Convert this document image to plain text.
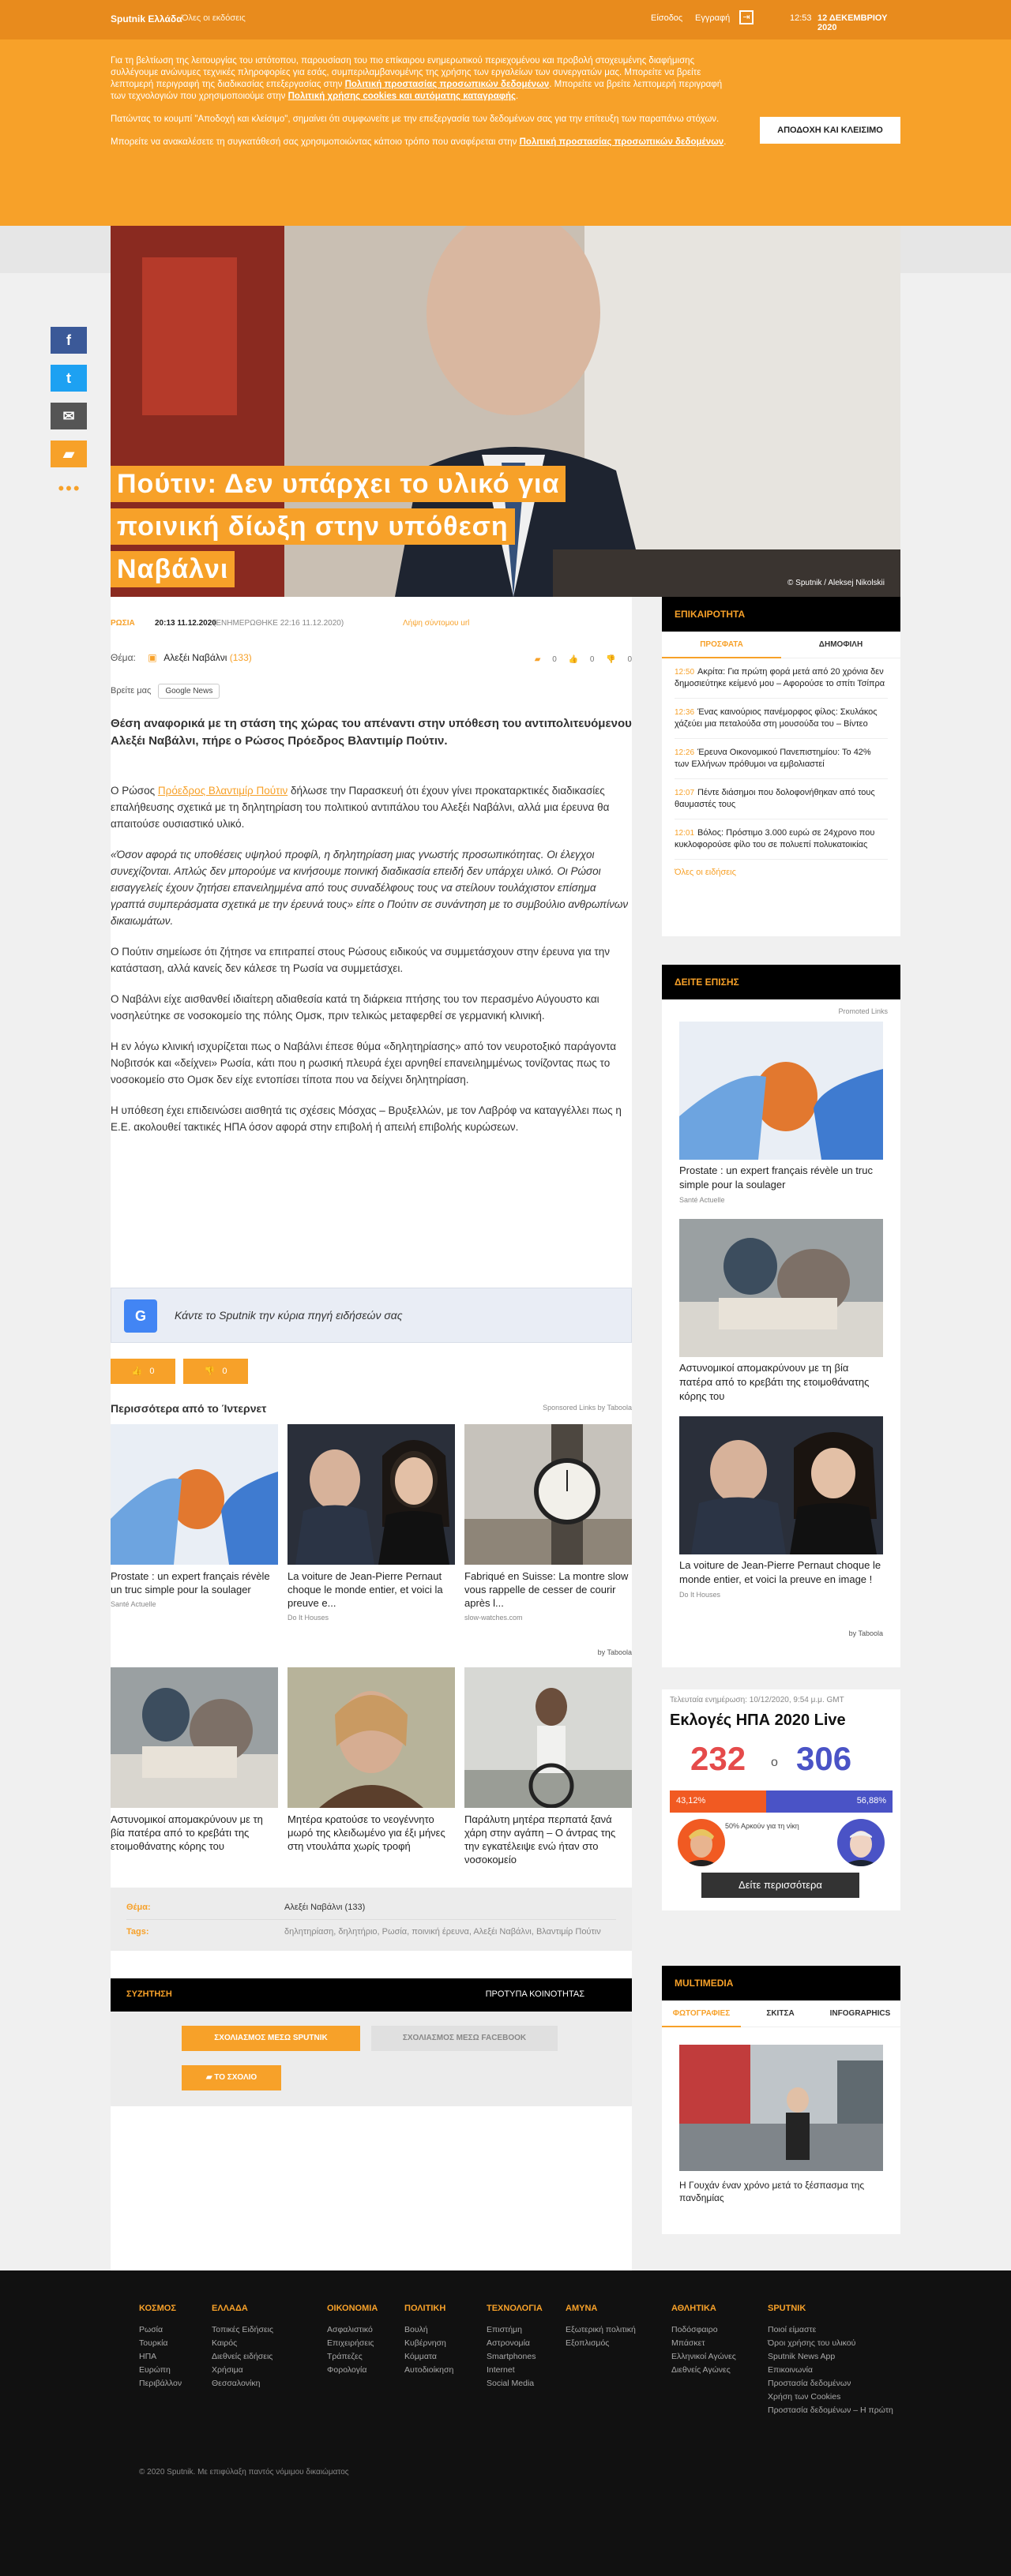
Sputnik Ελλάδα Όλες οι εκδόσεις	Είσοδος Εγγραφή	⇥	12:53 12 ΔΕΚΕΜΒΡΙΟΥ 2020

Για τη βελτίωση της λειτουργίας του ιστότοπου, παρουσίαση του πιο επίκαιρου ενημερωτικού περιεχομένου και προβολή στοχευμένης διαφήμισης συλλέγουμε ανώνυμες τεχνικές πληροφορίες για εσάς, συμπεριλαμβανομένης της χρήσης των εργαλείων των συνεργατών μας. Μπορείτε να βρείτε λεπτομερή περιγραφή της διαδικασίας επεξεργασίας στην Πολιτική προστασίας προσωπικών δεδομένων. Μπορείτε να βρείτε λεπτομερή περιγραφή των τεχνολογιών που χρησιμοποιούμε στην Πολιτική χρήσης cookies και αυτόματης καταγραφής.

Πατώντας το κουμπί "Αποδοχή και κλείσιμο", σημαίνει ότι συμφωνείτε με την επεξεργασία των δεδομένων σας για την επίτευξη των παραπάνω στόχων.

Μπορείτε να ανακαλέσετε τη συγκατάθεσή σας χρησιμοποιώντας κάποιο τρόπο που αναφέρεται στην Πολιτική προστασίας προσωπικών δεδομένων.

ΑΠΟΔΟΧΗ ΚΑΙ ΚΛΕΙΣΙΜΟ
Πούτιν: Δεν υπάρχει το υλικό για ποινική δίωξη στην υπόθεση Ναβάλνι	© Sputnik / Aleksej Nikolskii
f
t
✉
▰
•••
ΡΩΣΙΑ	20:13 11.12.2020
(ΕΝΗΜΕΡΩΘΗΚΕ 22:16 11.12.2020)	Λήψη σύντομου url
Θέμα: ▣ Αλεξέι Ναβάλνι (133)	▰ 0 👍 0 👎 0
Βρείτε μας Google News
Θέση αναφορικά με τη στάση της χώρας του απέναντι στην υπόθεση του αντιπολιτευόμενου Αλεξέι Ναβάλνι, πήρε ο Ρώσος Πρόεδρος Βλαντιμίρ Πούτιν.

Ο Ρώσος Πρόεδρος Βλαντιμίρ Πούτιν δήλωσε την Παρασκευή ότι έχουν γίνει προκαταρκτικές διαδικασίες επαλήθευσης σχετικά με τη δηλητηρίαση του πολιτικού αντιπάλου του Αλεξέι Ναβάλνι, αλλά μια έρευνα θα απαιτούσε ουσιαστικό υλικό.

«Όσον αφορά τις υποθέσεις υψηλού προφίλ, η δηλητηρίαση μιας γνωστής προσωπικότητας. Οι έλεγχοι συνεχίζονται. Απλώς δεν μπορούμε να κινήσουμε ποινική διαδικασία επειδή δεν υπάρχει υλικό. Οι Ρώσοι εισαγγελείς έχουν ζητήσει επανειλημμένα από τους συναδέλφους τους να στείλουν τουλάχιστον επίσημα γραπτά συμπεράσματα σχετικά με την έρευνά τους» είπε ο Πούτιν σε συνάντηση με το συμβούλιο ανθρωπίνων δικαιωμάτων.

Ο Πούτιν σημείωσε ότι ζήτησε να επιτραπεί στους Ρώσους ειδικούς να συμμετάσχουν στην έρευνα για την κατάσταση, αλλά κανείς δεν κάλεσε τη Ρωσία να συμμετάσχει.

Ο Ναβάλνι είχε αισθανθεί ιδιαίτερη αδιαθεσία κατά τη διάρκεια πτήσης του τον περασμένο Αύγουστο και νοσηλεύτηκε σε νοσοκομείο της πόλης Ομσκ, πριν τελικώς μεταφερθεί σε γερμανική κλινική.

Η εν λόγω κλινική ισχυρίζεται πως ο Ναβάλνι έπεσε θύμα «δηλητηρίασης» από τον νευροτοξικό παράγοντα Νοβιτσόκ και «δείχνει» Ρωσία, κάτι που η ρωσική πλευρά έχει αρνηθεί επανειλημμένως τονίζοντας πως το νοσοκομείο στο Ομσκ δεν είχε εντοπίσει τίποτα που να δείχνει δηλητηρίαση.

Η υπόθεση έχει επιδεινώσει αισθητά τις σχέσεις Μόσχας – Βρυξελλών, με τον Λαβρόφ να καταγγέλλει πως η Ε.Ε. ακολουθεί τακτικές ΗΠΑ όσον αφορά στην επιβολή ή απειλή επιβολής κυρώσεων.

G	Κάντε το Sputnik την κύρια πηγή ειδήσεών σας
👍   0	👎   0
Περισσότερα από το Ίντερνετ	Sponsored Links by Taboola
Prostate : un expert français révèle un truc simple pour la soulager
Santé Actuelle
La voiture de Jean-Pierre Pernaut choque le monde entier, et voici la preuve e...
Do It Houses
Fabriqué en Suisse: La montre slow vous rappelle de cesser de courir après l...
slow-watches.com
by Taboola
Αστυνομικοί απομακρύνουν με τη βία πατέρα από το κρεβάτι της ετοιμοθάνατης κόρης του
Μητέρα κρατούσε το νεογέννητο μωρό της κλειδωμένο για έξι μήνες στη ντουλάπα χωρίς τροφή
Παράλυτη μητέρα περπατά ξανά χάρη στην αγάπη – Ο άντρας της την εγκατέλειψε ενώ ήταν στο νοσοκομείο
Θέμα:	Αλεξέι Ναβάλνι (133)
Tags:	δηλητηρίαση, δηλητήριο, Ρωσία, ποινική έρευνα, Αλεξέι Ναβάλνι, Βλαντιμίρ Πούτιν
ΣΥΖΗΤΗΣΗ	ΠΡΟΤΥΠΑ ΚΟΙΝΟΤΗΤΑΣ
ΣΧΟΛΙΑΣΜΟΣ ΜΕΣΩ SPUTNIK	ΣΧΟΛΙΑΣΜΟΣ ΜΕΣΩ FACEBOOK
▰ ΤΟ ΣΧΟΛΙΟ
ΕΠΙΚΑΙΡΟΤΗΤΑ
ΠΡΟΣΦΑΤΑ	ΔΗΜΟΦΙΛΗ
12:50 Ακρίτα: Για πρώτη φορά μετά από 20 χρόνια δεν δημοσιεύτηκε κείμενό μου – Αφορούσε το σπίτι Τσίπρα
12:36 Ένας καινούριος πανέμορφος φίλος: Σκυλάκος χάζεύει μια πεταλούδα στη μουσούδα του – Βίντεο
12:26 Έρευνα Οικονομικού Πανεπιστημίου: Το 42% των Ελλήνων πρόθυμοι να εμβολιαστεί
12:07 Πέντε διάσημοι που δολοφονήθηκαν από τους θαυμαστές τους
12:01 Βόλος: Πρόστιμο 3.000 ευρώ σε 24χρονο που κυκλοφορούσε φίλο του σε πολυεπί πολυκατοικίας
Όλες οι ειδήσεις
ΔΕΙΤΕ ΕΠΙΣΗΣ
Promoted Links
Prostate : un expert français révèle un truc simple pour la soulager
Santé Actuelle
Αστυνομικοί απομακρύνουν με τη βία πατέρα από το κρεβάτι της ετοιμοθάνατης κόρης του
La voiture de Jean-Pierre Pernaut choque le monde entier, et voici la preuve en image !
Do It Houses
by Taboola
Τελευταία ενημέρωση: 10/12/2020, 9:54 μ.μ. GMT
Εκλογές ΗΠΑ 2020 Live
232 ο 306
43,12%	56,88%
50% Αρκούν για τη νίκη
Δείτε περισσότερα
MULTIMEDIA
ΦΩΤΟΓΡΑΦΙΕΣ	ΣΚΙΤΣΑ	INFOGRAPHICS
Η Γουχάν έναν χρόνο μετά το ξέσπασμα της πανδημίας
ΚΟΣΜΟΣ
Ρωσία
Τουρκία
ΗΠΑ
Ευρώπη
Περιβάλλον
ΕΛΛΑΔΑ
Τοπικές Ειδήσεις
Καιρός
Διεθνείς ειδήσεις
Χρήσιμα
Θεσσαλονίκη
ΟΙΚΟΝΟΜΙΑ
Ασφαλιστικό
Επιχειρήσεις
Τράπεζες
Φορολογία
ΠΟΛΙΤΙΚΗ
Βουλή
Κυβέρνηση
Κόμματα
Αυτοδιοίκηση
ΤΕΧΝΟΛΟΓΙΑ
Επιστήμη
Αστρονομία
Smartphones
Internet
Social Media
ΑΜΥΝΑ
Εξωτερική πολιτική
Εξοπλισμός
ΑΘΛΗΤΙΚΑ
Ποδόσφαιρο
Μπάσκετ
Ελληνικοί Αγώνες
Διεθνείς Αγώνες
SPUTNIK
Ποιοί είμαστε
Όροι χρήσης του υλικού
Sputnik News App
Επικοινωνία
Προστασία δεδομένων
Χρήση των Cookies
Προστασία δεδομένων – Η πρώτη
© 2020 Sputnik. Με επιφύλαξη παντός νόμιμου δικαιώματος
